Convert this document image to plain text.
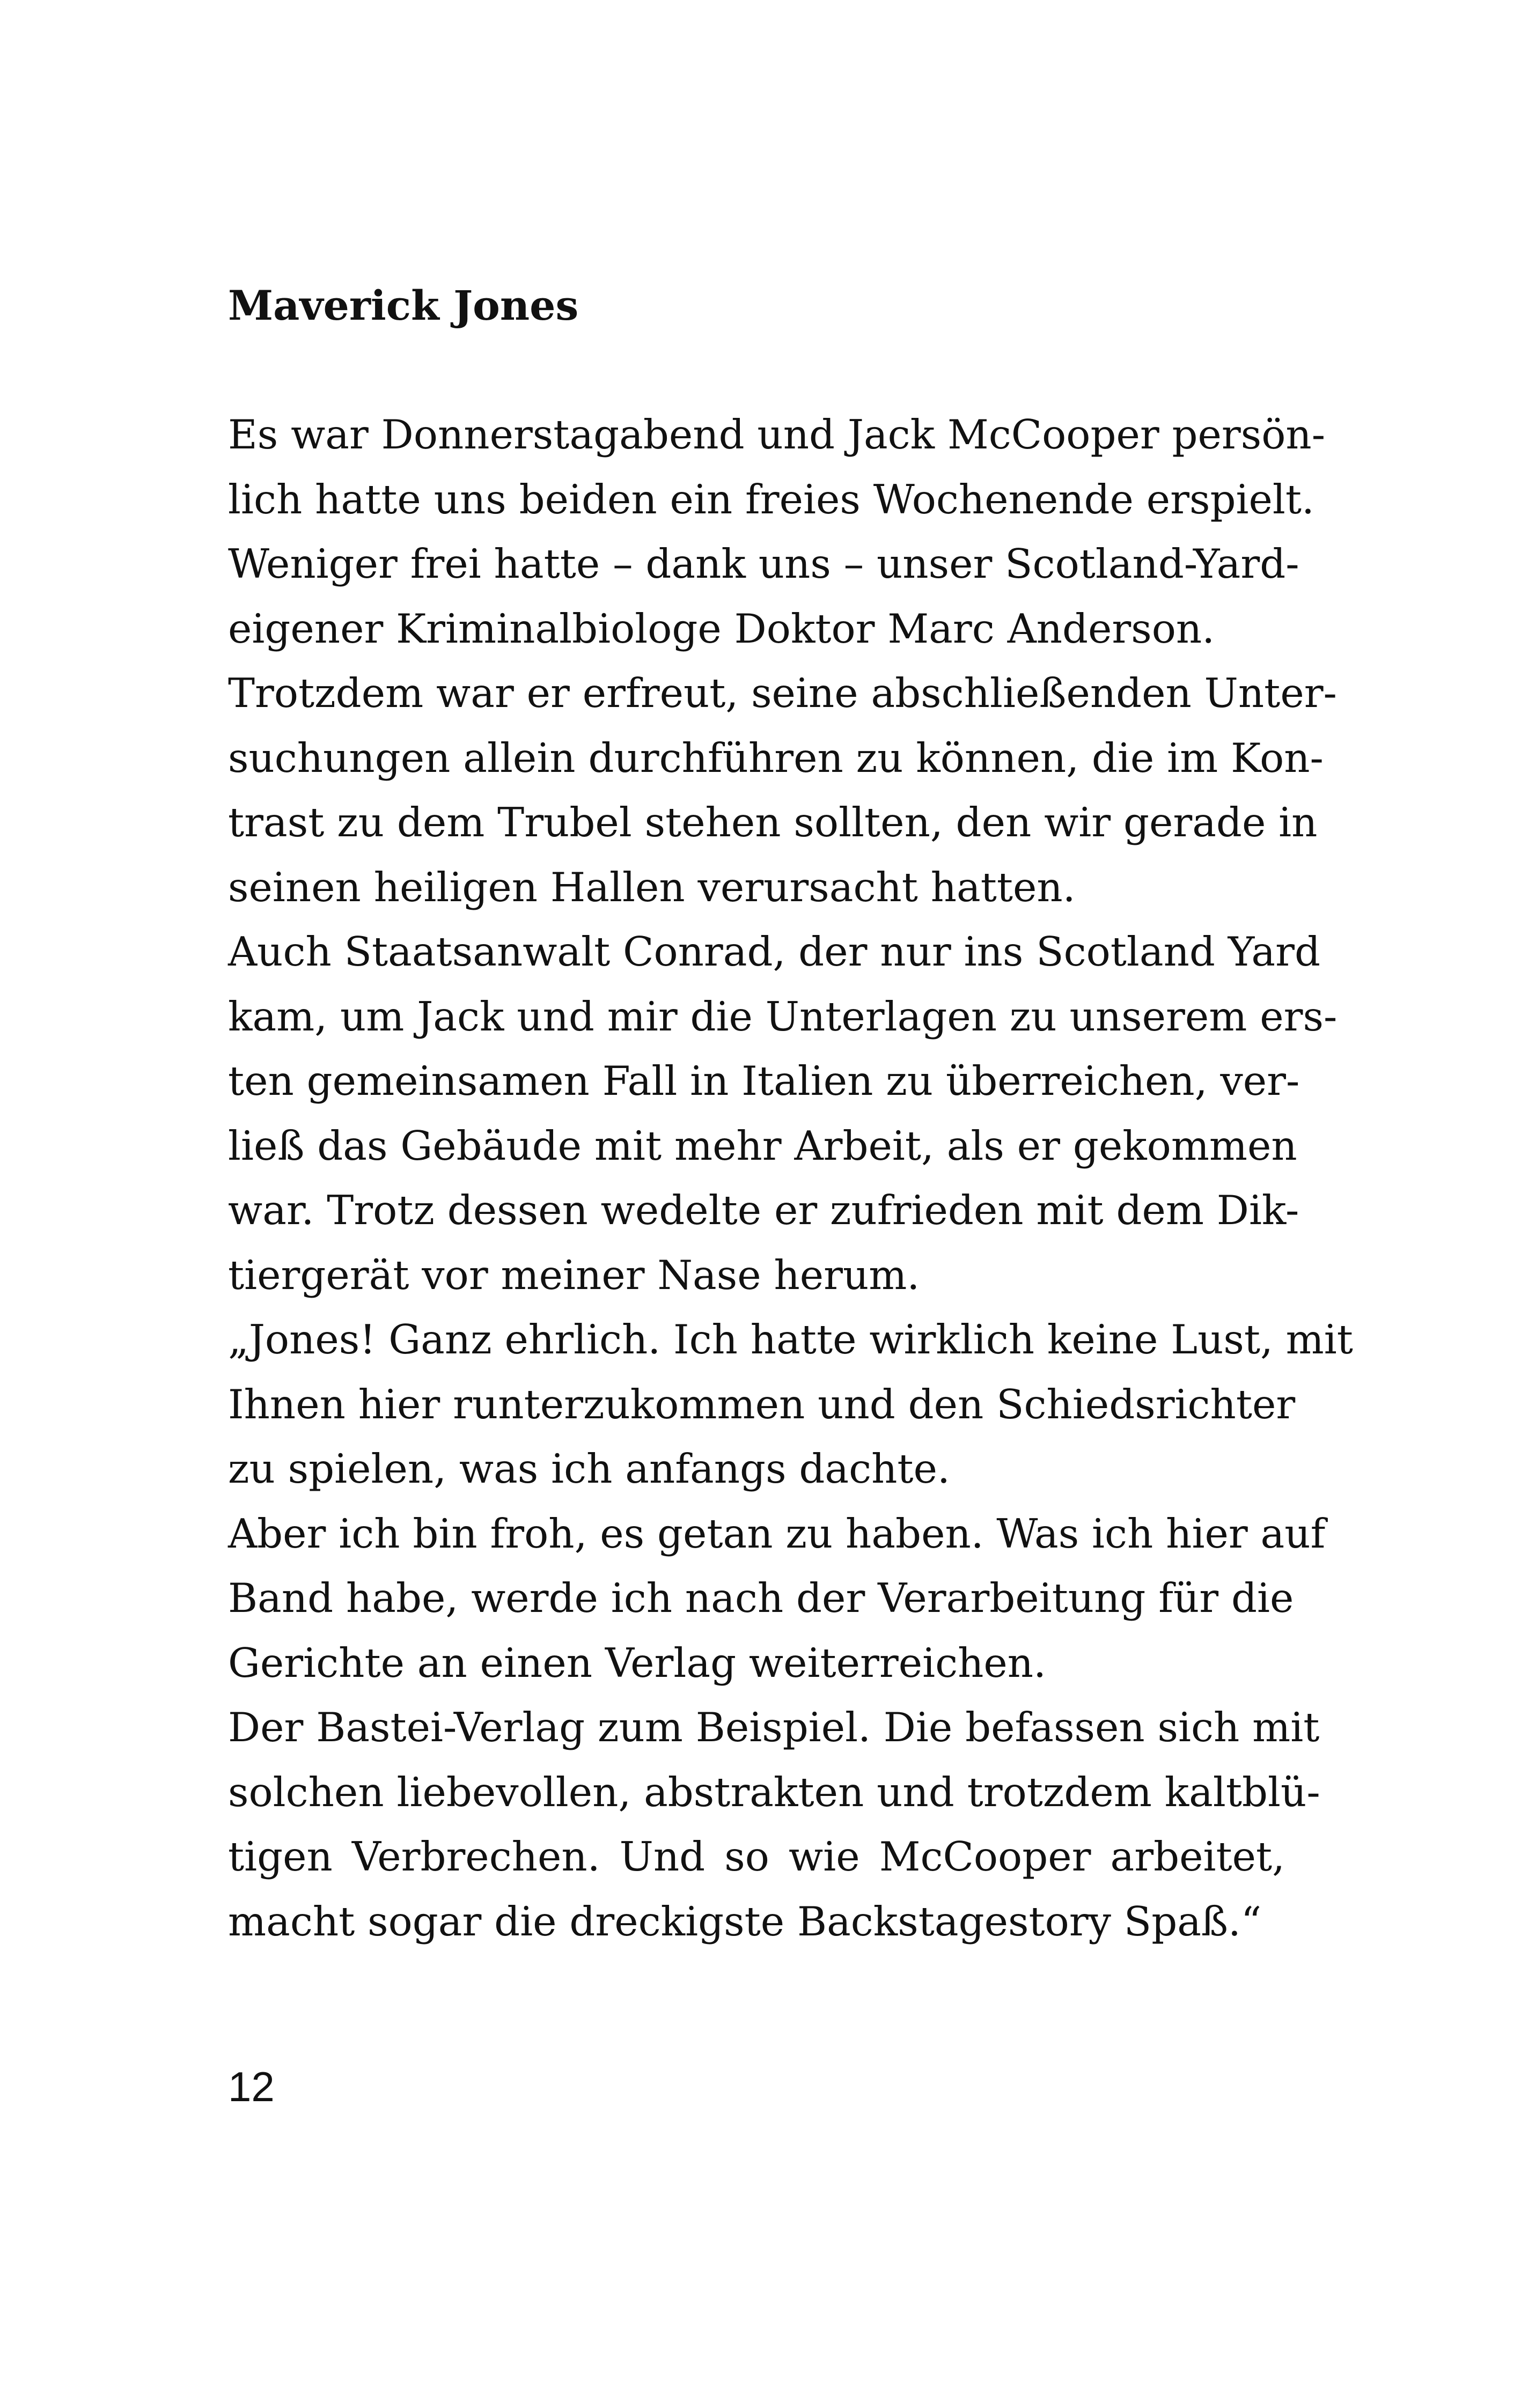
Maverick Jones
Es war Donnerstagabend und Jack McCooper persön-
lich hatte uns beiden ein freies Wochenende erspielt.
Weniger frei hatte – dank uns – unser Scotland-Yard-
eigener Kriminalbiologe Doktor Marc Anderson.
Trotzdem war er erfreut, seine abschließenden Unter-
suchungen allein durchführen zu können, die im Kon-
trast zu dem Trubel stehen sollten, den wir gerade in
seinen heiligen Hallen verursacht hatten.
Auch Staatsanwalt Conrad, der nur ins Scotland Yard
kam, um Jack und mir die Unterlagen zu unserem ers-
ten gemeinsamen Fall in Italien zu überreichen, ver-
ließ das Gebäude mit mehr Arbeit, als er gekommen
war. Trotz dessen wedelte er zufrieden mit dem Dik-
tiergerät vor meiner Nase herum.
„Jones! Ganz ehrlich. Ich hatte wirklich keine Lust, mit
Ihnen hier runterzukommen und den Schiedsrichter
zu spielen, was ich anfangs dachte.
Aber ich bin froh, es getan zu haben. Was ich hier auf
Band habe, werde ich nach der Verarbeitung für die
Gerichte an einen Verlag weiterreichen.
Der Bastei-Verlag zum Beispiel. Die befassen sich mit
solchen liebevollen, abstrakten und trotzdem kaltblü-
tigen Verbrechen. Und so wie McCooper arbeitet,
macht sogar die dreckigste Backstagestory Spaß.“
12
